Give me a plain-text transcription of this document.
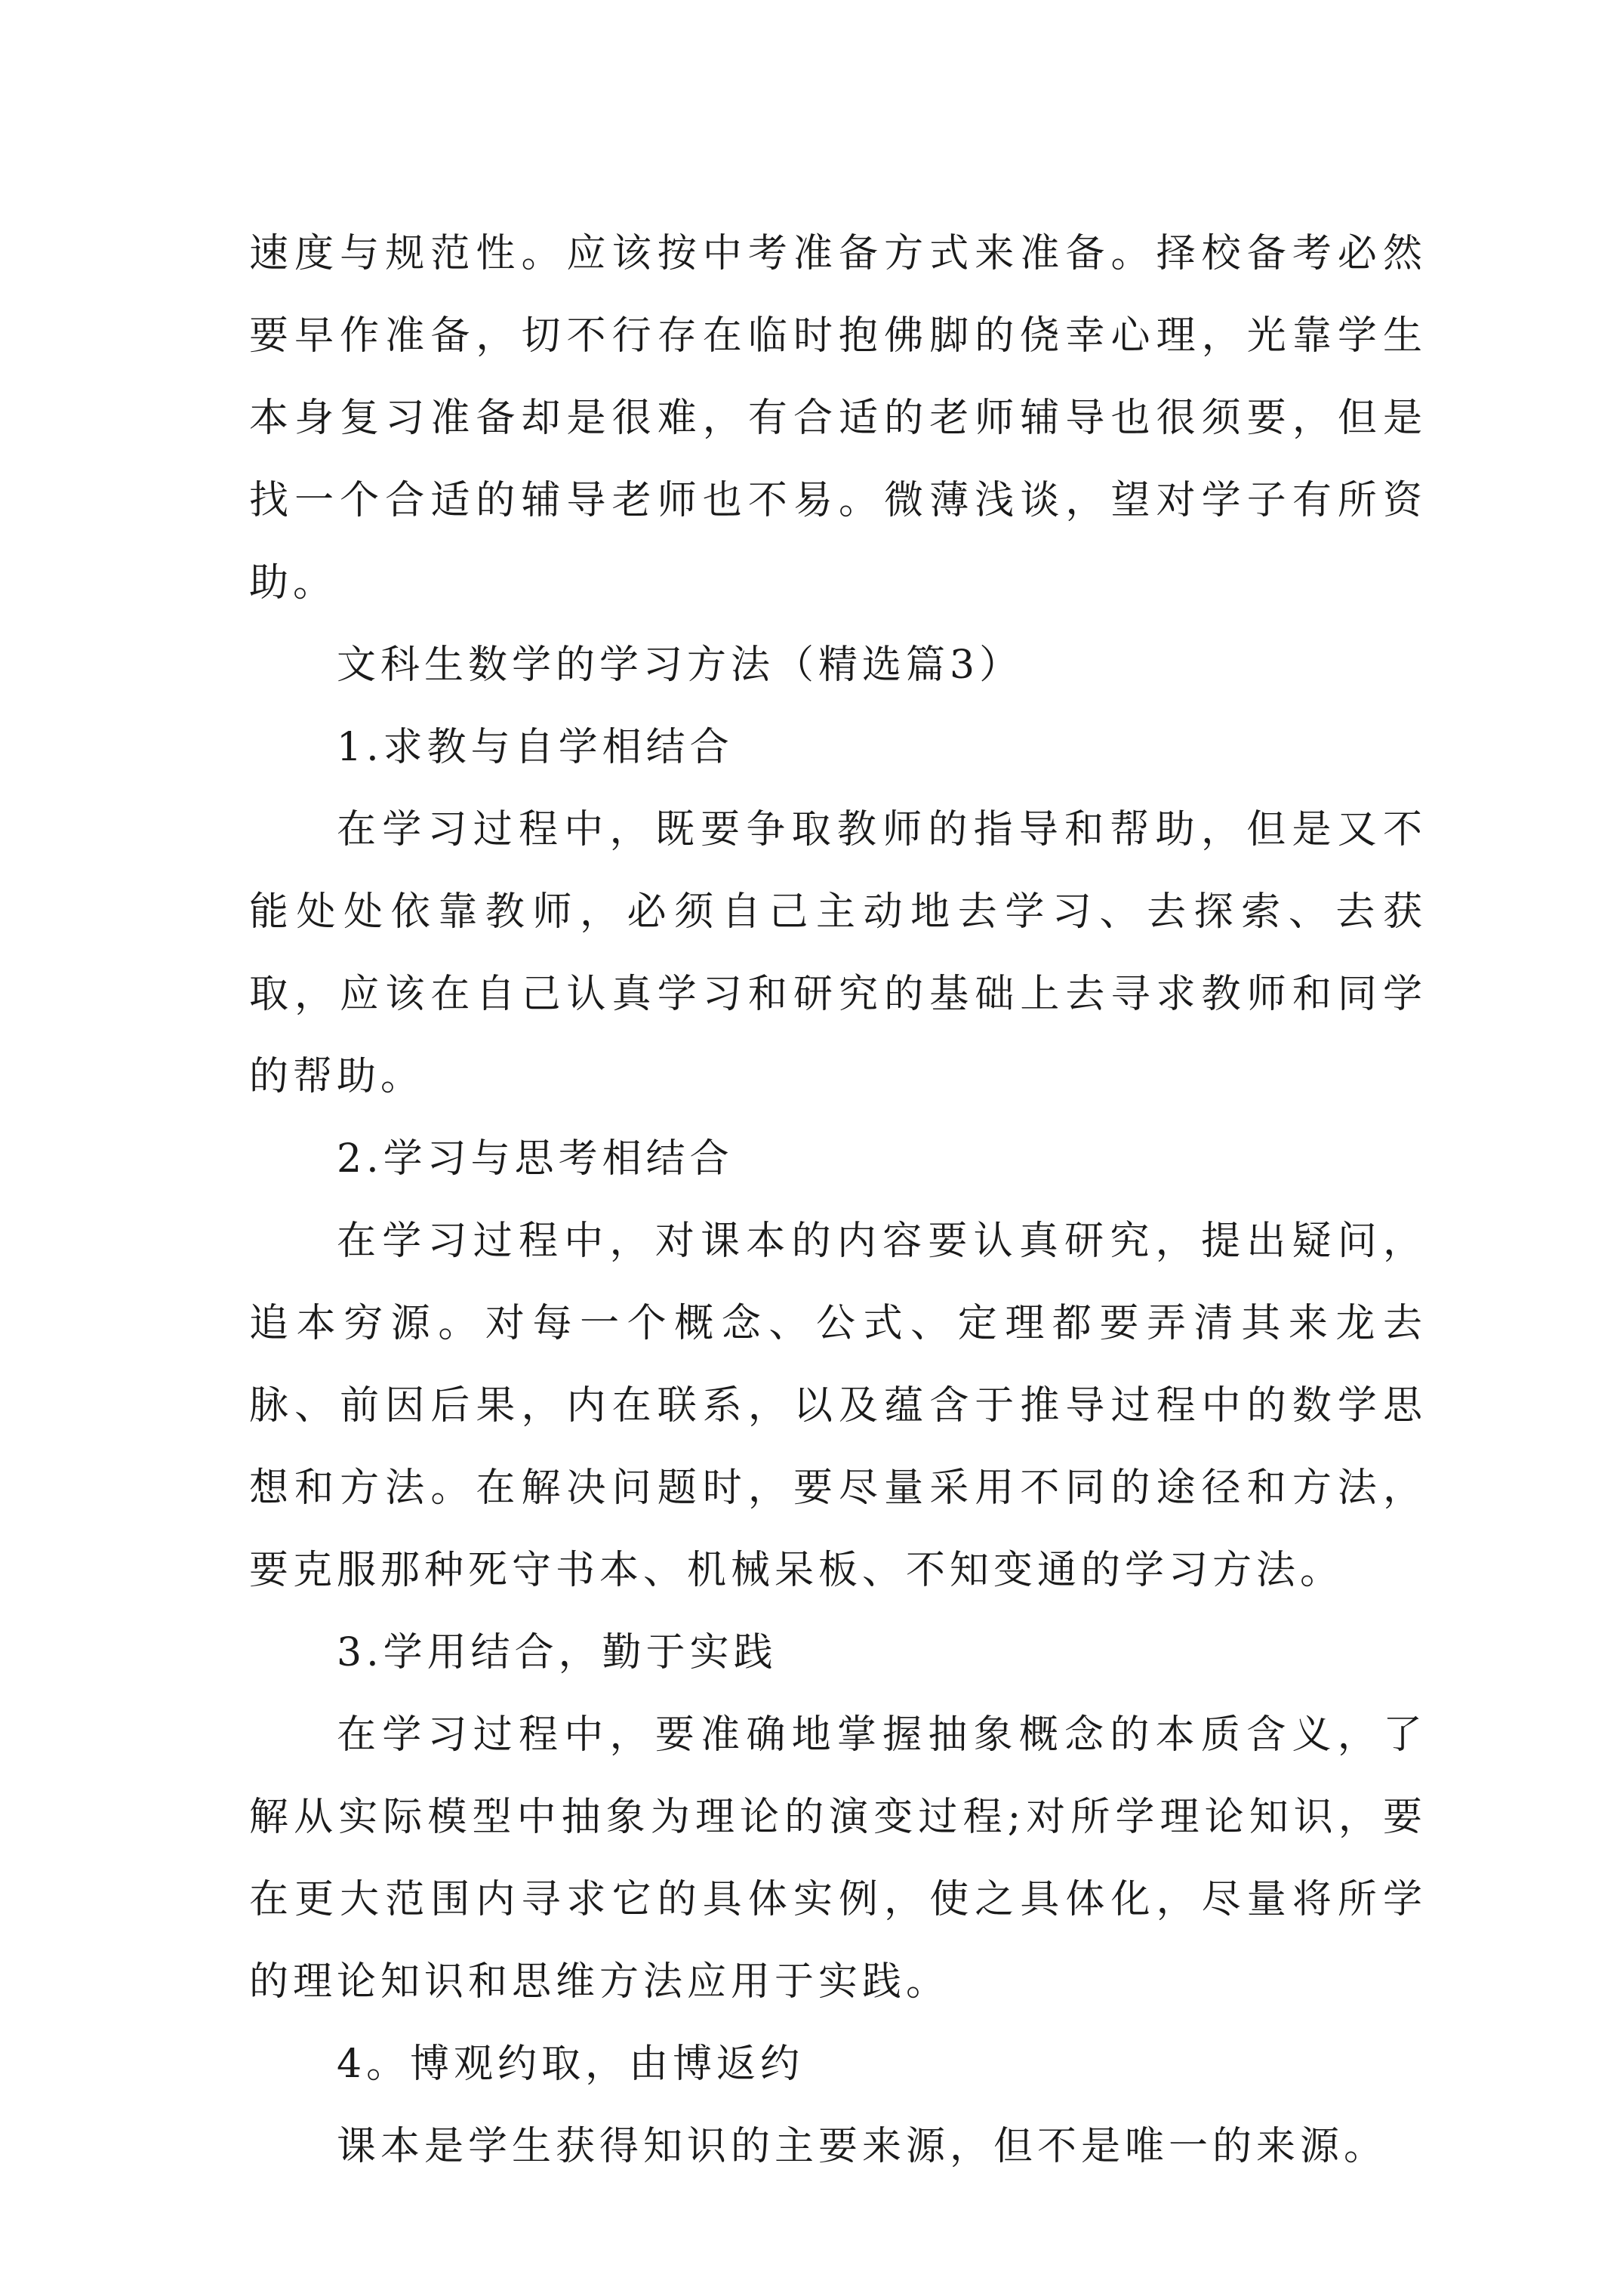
速度与规范性。应该按中考准备方式来准备。择校备考必然要早作准备，切不行存在临时抱佛脚的侥幸心理，光靠学生本身复习准备却是很难，有合适的老师辅导也很须要，但是找一个合适的辅导老师也不易。微薄浅谈，望对学子有所资助。

文科生数学的学习方法（精选篇3）

1.求教与自学相结合

在学习过程中，既要争取教师的指导和帮助，但是又不能处处依靠教师，必须自己主动地去学习、去探索、去获取，应该在自己认真学习和研究的基础上去寻求教师和同学的帮助。

2.学习与思考相结合

在学习过程中，对课本的内容要认真研究，提出疑问，追本穷源。对每一个概念、公式、定理都要弄清其来龙去脉、前因后果，内在联系，以及蕴含于推导过程中的数学思想和方法。在解决问题时，要尽量采用不同的途径和方法，要克服那种死守书本、机械呆板、不知变通的学习方法。

3.学用结合，勤于实践

在学习过程中，要准确地掌握抽象概念的本质含义，了解从实际模型中抽象为理论的演变过程;对所学理论知识，要在更大范围内寻求它的具体实例，使之具体化，尽量将所学的理论知识和思维方法应用于实践。

4。博观约取，由博返约

课本是学生获得知识的主要来源，但不是唯一的来源。
